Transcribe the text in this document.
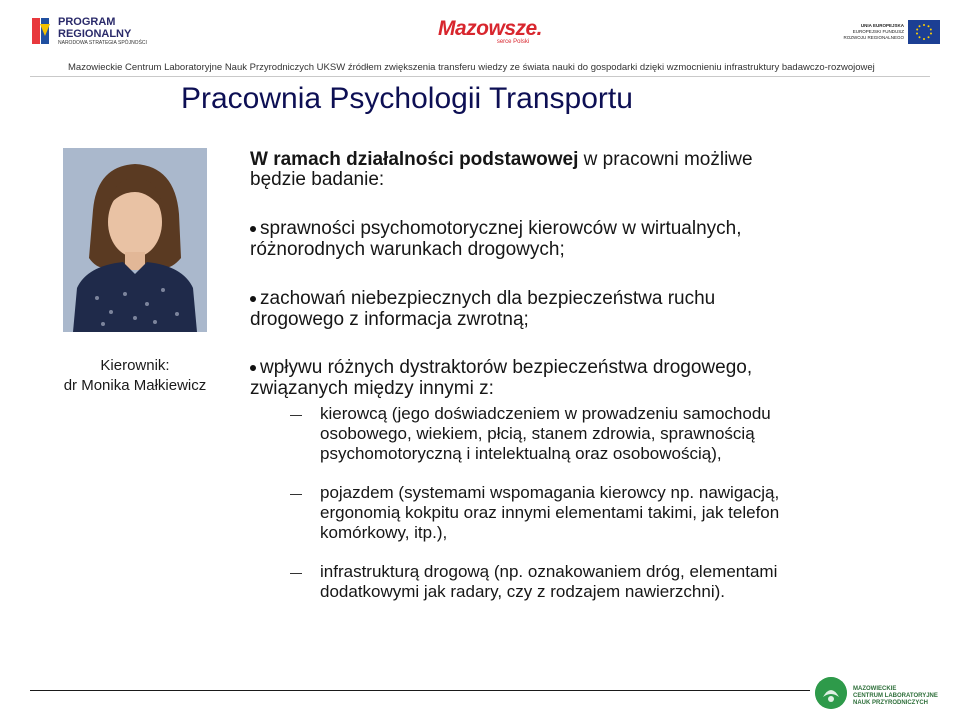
PROGRAM
REGIONALNY
NARODOWA STRATEGIA SPÓJNOŚCI
Mazowsze.
serce Polski
UNIA EUROPEJSKA
EUROPEJSKI FUNDUSZ
ROZWOJU REGIONALNEGO
Mazowieckie Centrum Laboratoryjne Nauk Przyrodniczych UKSW źródłem zwiększenia transferu wiedzy ze świata nauki do gospodarki dzięki wzmocnieniu infrastruktury badawczo-rozwojowej
Pracownia Psychologii Transportu
Kierownik:
dr Monika Małkiewicz
W ramach działalności podstawowej w pracowni możliwe będzie badanie:
sprawności psychomotorycznej kierowców w wirtualnych, różnorodnych warunkach drogowych;
zachowań niebezpiecznych dla bezpieczeństwa ruchu drogowego z informacja zwrotną;
wpływu różnych dystraktorów bezpieczeństwa drogowego, związanych między innymi z:
kierowcą (jego doświadczeniem w prowadzeniu samochodu osobowego, wiekiem, płcią, stanem zdrowia, sprawnością psychomotoryczną i intelektualną oraz osobowością),
pojazdem (systemami wspomagania kierowcy np. nawigacją, ergonomią kokpitu oraz innymi elementami takimi, jak telefon komórkowy, itp.),
infrastrukturą drogową (np. oznakowaniem dróg, elementami dodatkowymi jak radary, czy z rodzajem nawierzchni).
MAZOWIECKIE
CENTRUM LABORATORYJNE
NAUK PRZYRODNICZYCH
